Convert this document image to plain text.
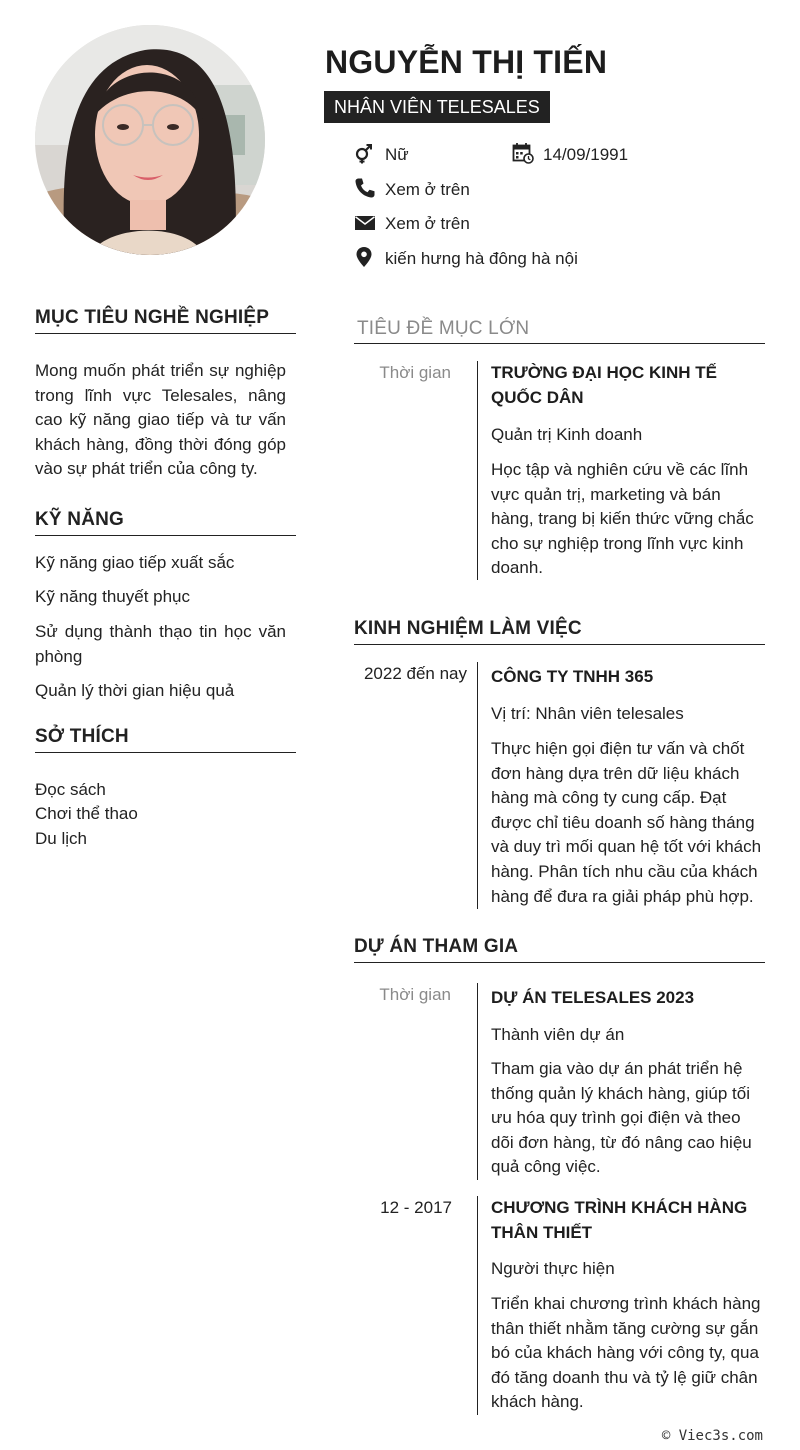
NGUYỄN THỊ TIẾN
NHÂN VIÊN TELESALES
Nữ	14/09/1991
Xem ở trên
Xem ở trên
kiến hưng hà đông hà nội
MỤC TIÊU NGHỀ NGHIỆP
Mong muốn phát triển sự nghiệp trong lĩnh vực Telesales, nâng cao kỹ năng giao tiếp và tư vấn khách hàng, đồng thời đóng góp vào sự phát triển của công ty.
KỸ NĂNG
Kỹ năng giao tiếp xuất sắc
Kỹ năng thuyết phục
Sử dụng thành thạo tin học văn phòng
Quản lý thời gian hiệu quả
SỞ THÍCH
Đọc sách
Chơi thể thao
Du lịch
TIÊU ĐỀ MỤC LỚN
Thời gian TRƯỜNG ĐẠI HỌC KINH TẾ QUỐC DÂN
Quản trị Kinh doanh
Học tập và nghiên cứu về các lĩnh vực quản trị, marketing và bán hàng, trang bị kiến thức vững chắc cho sự nghiệp trong lĩnh vực kinh doanh.
KINH NGHIỆM LÀM VIỆC
2022 đến nay CÔNG TY TNHH 365
Vị trí: Nhân viên telesales
Thực hiện gọi điện tư vấn và chốt đơn hàng dựa trên dữ liệu khách hàng mà công ty cung cấp. Đạt được chỉ tiêu doanh số hàng tháng và duy trì mối quan hệ tốt với khách hàng. Phân tích nhu cầu của khách hàng để đưa ra giải pháp phù hợp.
DỰ ÁN THAM GIA
Thời gian DỰ ÁN TELESALES 2023
Thành viên dự án
Tham gia vào dự án phát triển hệ thống quản lý khách hàng, giúp tối ưu hóa quy trình gọi điện và theo dõi đơn hàng, từ đó nâng cao hiệu quả công việc.
12 - 2017 CHƯƠNG TRÌNH KHÁCH HÀNG THÂN THIẾT
Người thực hiện
Triển khai chương trình khách hàng thân thiết nhằm tăng cường sự gắn bó của khách hàng với công ty, qua đó tăng doanh thu và tỷ lệ giữ chân khách hàng.
© Viec3s.com
